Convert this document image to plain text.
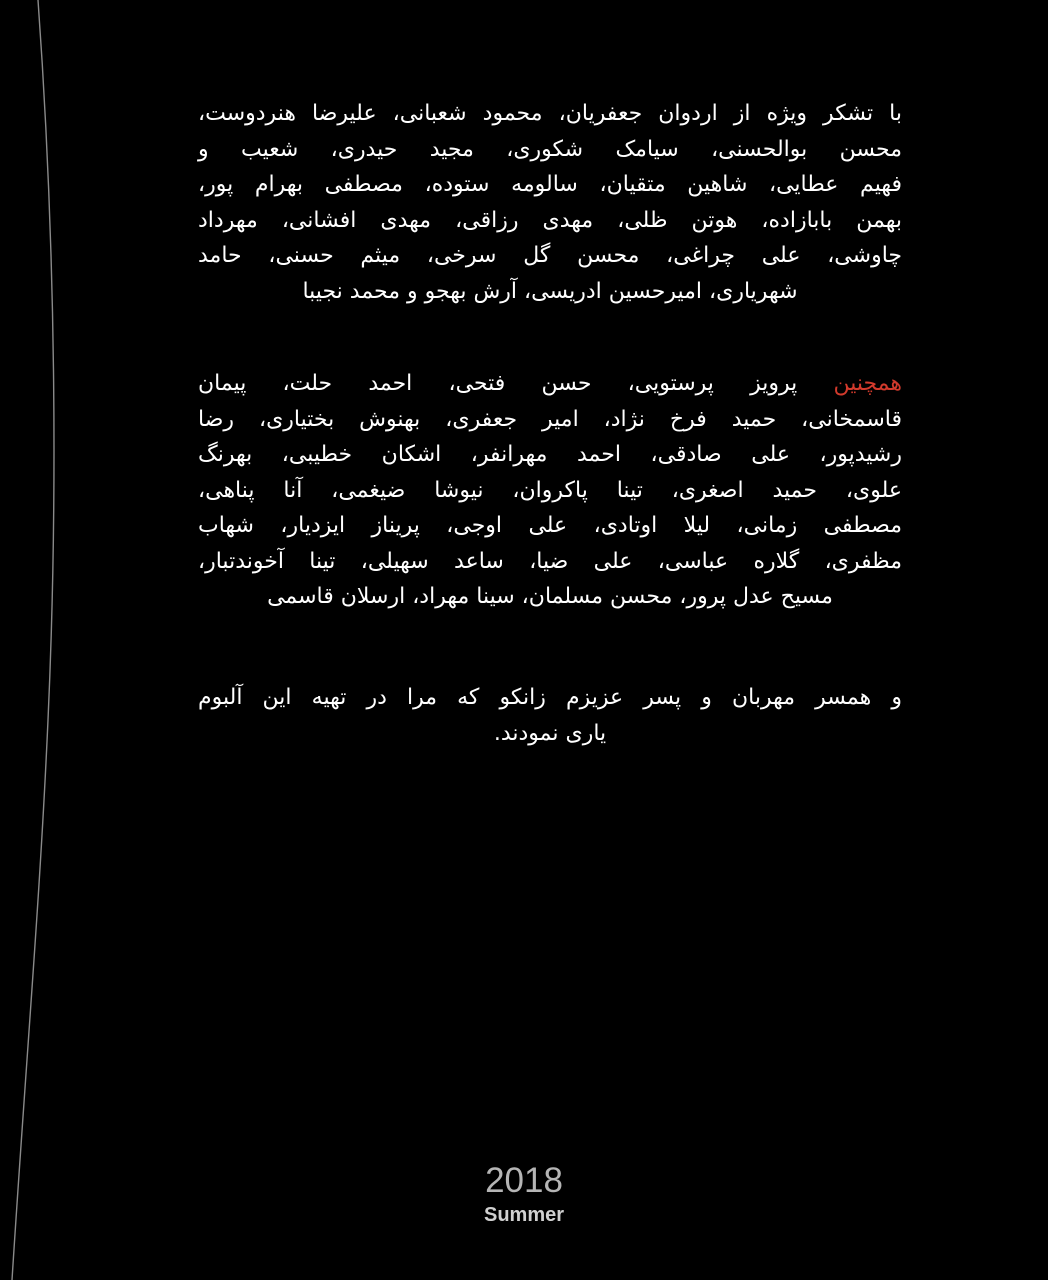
با تشکر ویژه از اردوان جعفریان، محمود شعبانی، علیرضا هنردوست،
محسن بوالحسنی، سیامک شکوری، مجید حیدری، شعیب و
فهیم عطایی، شاهین متقیان، سالومه ستوده، مصطفی بهرام پور،
بهمن بابازاده، هوتن ظلی، مهدی رزاقی، مهدی افشانی، مهرداد
چاوشی، علی چراغی، محسن گل سرخی، میثم حسنی، حامد
شهریاری، امیرحسین ادریسی، آرش بهجو و محمد نجیبا

همچنین پرویز پرستویی، حسن فتحی، احمد حلت، پیمان
قاسمخانی، حمید فرخ نژاد، امیر جعفری، بهنوش بختیاری، رضا
رشیدپور، علی صادقی، احمد مهرانفر، اشکان خطیبی، بهرنگ
علوی، حمید اصغری، تینا پاکروان، نیوشا ضیغمی، آنا پناهی،
مصطفی زمانی، لیلا اوتادی، علی اوجی، پریناز ایزدیار، شهاب
مظفری، گلاره عباسی، علی ضیا، ساعد سهیلی، تینا آخوندتبار،
مسیح عدل پرور، محسن مسلمان، سینا مهراد، ارسلان قاسمی

و همسر مهربان و پسر عزیزم زانکو که مرا در تهیه این آلبوم
یاری نمودند.

2018
Summer
